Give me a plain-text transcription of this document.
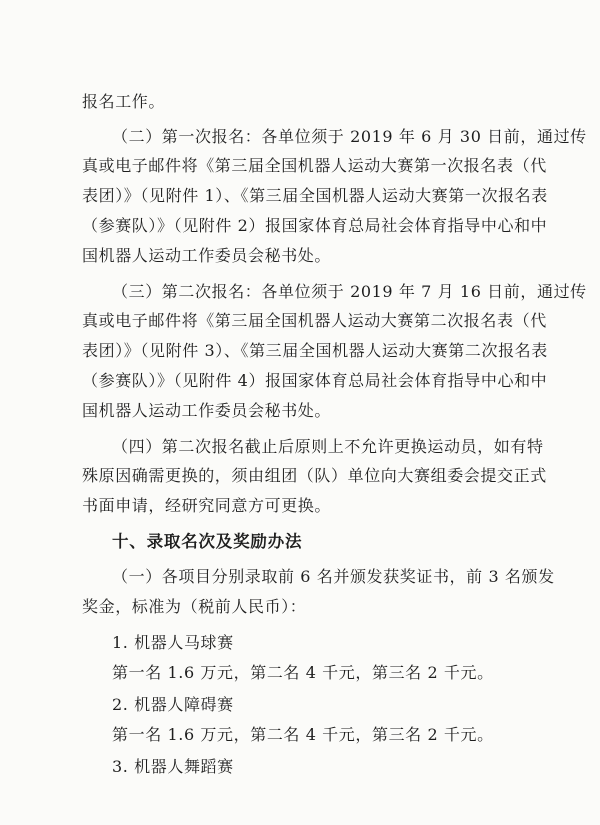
报名工作。
（二）第一次报名：各单位须于 2019 年 6 月 30 日前，通过传
真或电子邮件将《第三届全国机器人运动大赛第一次报名表（代
表团）》（见附件 1）、《第三届全国机器人运动大赛第一次报名表
（参赛队）》（见附件 2）报国家体育总局社会体育指导中心和中
国机器人运动工作委员会秘书处。
（三）第二次报名：各单位须于 2019 年 7 月 16 日前，通过传
真或电子邮件将《第三届全国机器人运动大赛第二次报名表（代
表团）》（见附件 3）、《第三届全国机器人运动大赛第二次报名表
（参赛队）》（见附件 4）报国家体育总局社会体育指导中心和中
国机器人运动工作委员会秘书处。
（四）第二次报名截止后原则上不允许更换运动员，如有特
殊原因确需更换的，须由组团（队）单位向大赛组委会提交正式
书面申请，经研究同意方可更换。
十、录取名次及奖励办法
（一）各项目分别录取前 6 名并颁发获奖证书，前 3 名颁发
奖金，标准为（税前人民币）：
1. 机器人马球赛
第一名 1.6 万元，第二名 4 千元，第三名 2 千元。
2. 机器人障碍赛
第一名 1.6 万元，第二名 4 千元，第三名 2 千元。
3. 机器人舞蹈赛
